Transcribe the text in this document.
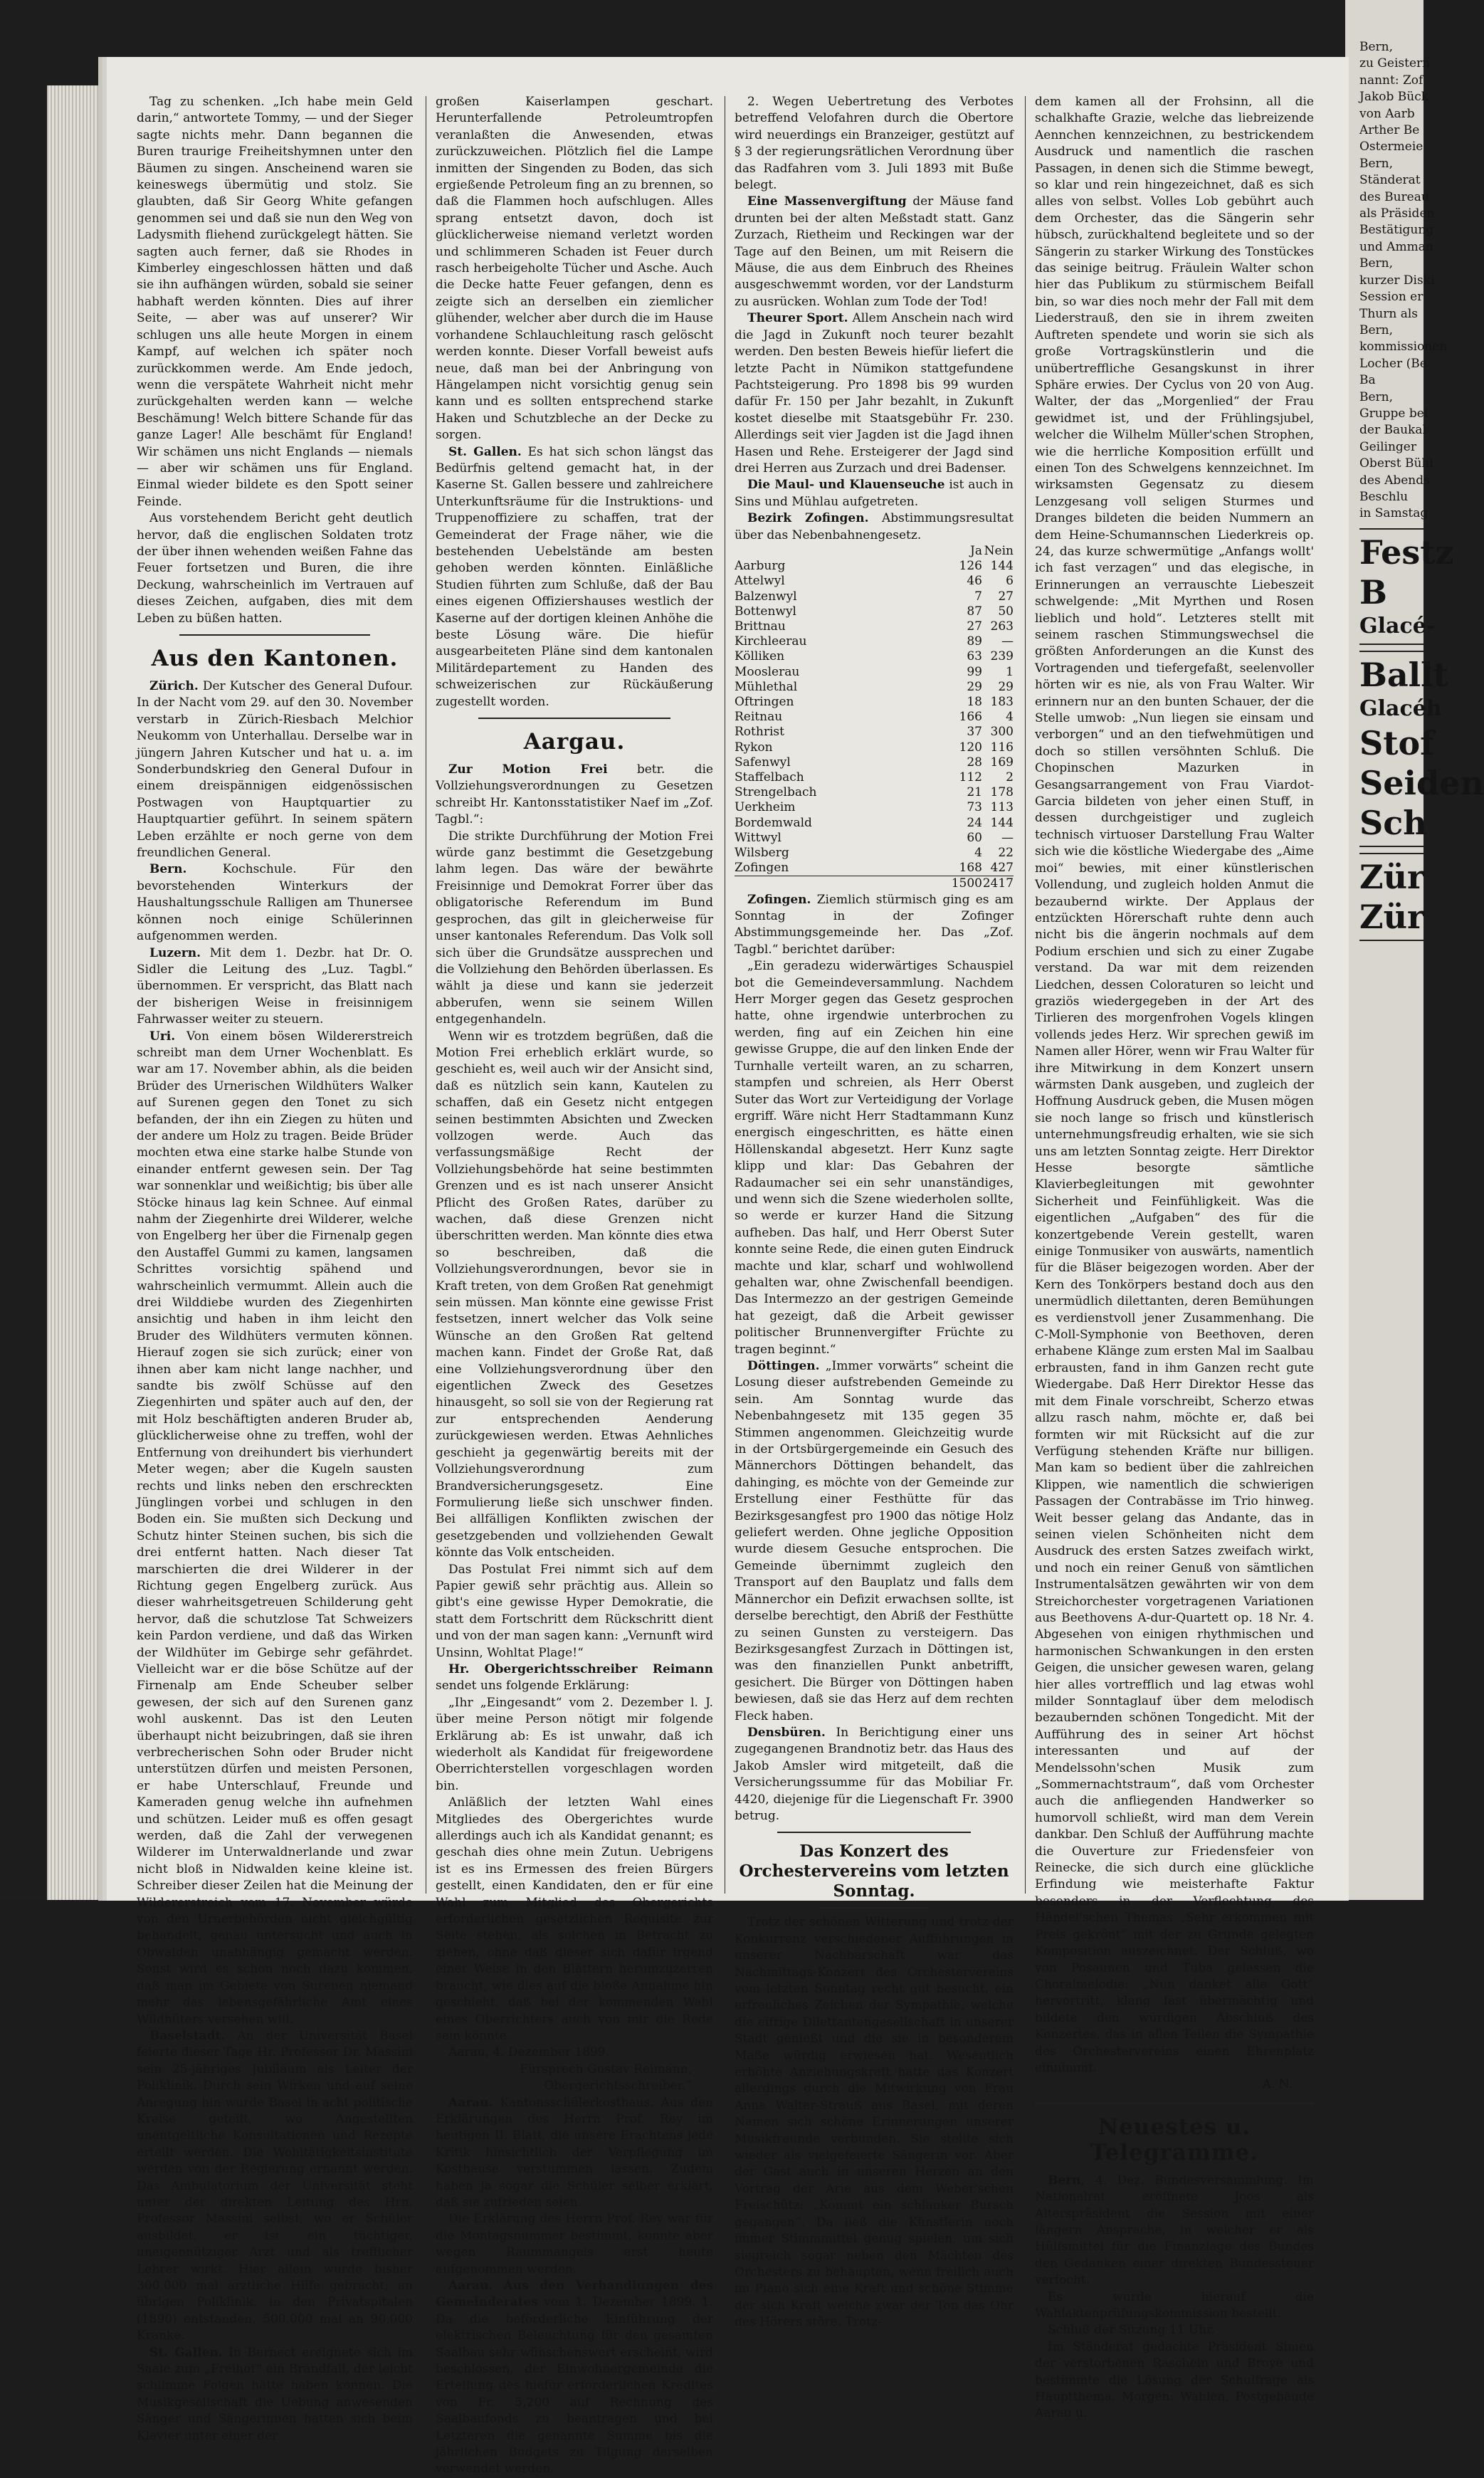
Tag zu schenken. „Ich habe mein Geld darin,“ antwortete Tommy, — und der Sieger sagte nichts mehr. Dann begannen die Buren traurige Freiheitshymnen unter den Bäumen zu singen. Anscheinend waren sie keineswegs übermütig und stolz. Sie glaubten, daß Sir Georg White gefangen genommen sei und daß sie nun den Weg von Ladysmith fliehend zurückgelegt hätten. Sie sagten auch ferner, daß sie Rhodes in Kimberley eingeschlossen hätten und daß sie ihn aufhängen würden, sobald sie seiner habhaft werden könnten. Dies auf ihrer Seite, — aber was auf unserer? Wir schlugen uns alle heute Morgen in einem Kampf, auf welchen ich später noch zurückkommen werde. Am Ende jedoch, wenn die verspätete Wahrheit nicht mehr zurückgehalten werden kann — welche Beschämung! Welch bittere Schande für das ganze Lager! Alle beschämt für England! Wir schämen uns nicht Englands — niemals — aber wir schämen uns für England. Einmal wieder bildete es den Spott seiner Feinde.

Aus vorstehendem Bericht geht deutlich hervor, daß die englischen Soldaten trotz der über ihnen wehenden weißen Fahne das Feuer fortsetzen und Buren, die ihre Deckung, wahrscheinlich im Vertrauen auf dieses Zeichen, aufgaben, dies mit dem Leben zu büßen hatten.

Aus den Kantonen.

Zürich. Der Kutscher des General Dufour. In der Nacht vom 29. auf den 30. November verstarb in Zürich-Riesbach Melchior Neukomm von Unterhallau. Derselbe war in jüngern Jahren Kutscher und hat u. a. im Sonderbundskrieg den General Dufour in einem dreispännigen eidgenössischen Postwagen von Hauptquartier zu Hauptquartier geführt. In seinem spätern Leben erzählte er noch gerne von dem freundlichen General.

Bern.	Kochschule. Für den bevorstehenden Winterkurs der Haushaltungsschule Ralligen am Thunersee können noch einige Schülerinnen aufgenommen werden.

Luzern. Mit dem 1. Dezbr. hat Dr. O. Sidler die Leitung des „Luz. Tagbl.“ übernommen. Er verspricht, das Blatt nach der bisherigen Weise in freisinnigem Fahrwasser weiter zu steuern.

Uri. Von einem bösen Wildererstreich schreibt man dem Urner Wochenblatt. Es war am 17. November abhin, als die beiden Brüder des Urnerischen Wildhüters Walker auf Surenen gegen den Tonet zu sich befanden, der ihn ein Ziegen zu hüten und der andere um Holz zu tragen. Beide Brüder mochten etwa eine starke halbe Stunde von einander entfernt gewesen sein. Der Tag war sonnenklar und weißichtig; bis über alle Stöcke hinaus lag kein Schnee. Auf einmal nahm der Ziegenhirte drei Wilderer, welche von Engelberg her über die Firnenalp gegen den Austaffel Gummi zu kamen, langsamen Schrittes vorsichtig spähend und wahrscheinlich vermummt. Allein auch die drei Wilddiebe wurden des Ziegenhirten ansichtig und haben in ihm leicht den Bruder des Wildhüters vermuten können. Hierauf zogen sie sich zurück; einer von ihnen aber kam nicht lange nachher, und sandte bis zwölf Schüsse auf den Ziegenhirten und später auch auf den, der mit Holz beschäftigten anderen Bruder ab, glücklicherweise ohne zu treffen, wohl der Entfernung von dreihundert bis vierhundert Meter wegen; aber die Kugeln sausten rechts und links neben den erschreckten Jünglingen vorbei und schlugen in den Boden ein. Sie mußten sich Deckung und Schutz hinter Steinen suchen, bis sich die drei entfernt hatten. Nach dieser Tat marschierten die drei Wilderer in der Richtung gegen Engelberg zurück. Aus dieser wahrheitsgetreuen Schilderung geht hervor, daß die schutzlose Tat Schweizers kein Pardon verdiene, und daß das Wirken der Wildhüter im Gebirge sehr gefährdet. Vielleicht war er die böse Schütze auf der Firnenalp am Ende Scheuber selber gewesen, der sich auf den Surenen ganz wohl auskennt. Das ist den Leuten überhaupt nicht beizubringen, daß sie ihren verbrecherischen Sohn oder Bruder nicht unterstützen dürfen und meisten Personen, er habe Unterschlauf, Freunde und Kameraden genug welche ihn aufnehmen und schützen. Leider muß es offen gesagt werden, daß die Zahl der verwegenen Wilderer im Unterwaldnerlande und zwar nicht bloß in Nidwalden keine kleine ist. Schreiber dieser Zeilen hat die Meinung der Wildererstreich vom 17. November würde von den Urnerbehörden nicht gleichgültig behandelt, genau untersucht und auch in Obwalden unabhängig gemacht werden. Sonst wird es schon noch dazu kommen, daß man im Gebiete von Surenen niemand mehr das lebensgefährliche Amt eines Wildhüters versehen will.

Baselstadt. An der Universität Basel feierte dieser Tage Hr. Professor Dr. Massini sein 25-jähriges Jubiläum als Leiter der Poliklinik. Durch sein Wirken und auf seine Anregung hin wurde Basel in acht politische Kreise geteilt, wo Angestellten unentgeltliche Konsultationen und Rezepte erteilt werden. Die Wohltätigkeitsinstitute werden von der Regierung ernannt werden. Das Ambulatorium der Universität steht unter der direkten Leitung des Hrn. Professor Massini selbst, wo er Schüler ausbildet, er ist ein tüchtiger, uneigennütziger Arzt und als trefflicher Lehrer wirkt. Hier allein wurde bisher 300,000 mal ärztliche Hilfe gebracht; an übrigen Poliklinik, in den Privatspitalen (1890) entstanden, 500,000 mal an 90,000 Kranke.

St. Gallen. In Bernect ereignete sich im Saale zum „Freihof“ ein Brandfall, der leicht schlimme Folgen hätte haben können. Die Musikgesellschaft die Uebung anwesenden Sänger und Sängerinnen hatten sich beim Klavier unter einer der

großen Kaiserlampen geschart. Herunterfallende Petroleumtropfen veranlaßten die Anwesenden, etwas zurückzuweichen. Plötzlich fiel die Lampe inmitten der Singenden zu Boden, das sich ergießende Petroleum fing an zu brennen, so daß die Flammen hoch aufschlugen. Alles sprang entsetzt davon, doch ist glücklicherweise niemand verletzt worden und schlimmeren Schaden ist Feuer durch rasch herbeigeholte Tücher und Asche. Auch die Decke hatte Feuer gefangen, denn es zeigte sich an derselben ein ziemlicher glühender, welcher aber durch die im Hause vorhandene Schlauchleitung rasch gelöscht werden konnte. Dieser Vorfall beweist aufs neue, daß man bei der Anbringung von Hängelampen nicht vorsichtig genug sein kann und es sollten entsprechend starke Haken und Schutzbleche an der Decke zu sorgen.

St. Gallen. Es hat sich schon längst das Bedürfnis geltend gemacht hat, in der Kaserne St. Gallen bessere und zahlreichere Unterkunftsräume für die Instruktions- und Truppenoffiziere zu schaffen, trat der Gemeinderat der Frage näher, wie die bestehenden Uebelstände am besten gehoben werden könnten. Einläßliche Studien führten zum Schluße, daß der Bau eines eigenen Offiziershauses westlich der Kaserne auf der dortigen kleinen Anhöhe die beste Lösung wäre. Die hiefür ausgearbeiteten Pläne sind dem kantonalen Militärdepartement zu Handen des schweizerischen zur Rückäußerung zugestellt worden.

Aargau.

Zur Motion Frei betr. die Vollziehungsverordnungen zu Gesetzen schreibt Hr. Kantonsstatistiker Naef im „Zof. Tagbl.“:

Die strikte Durchführung der Motion Frei würde ganz bestimmt die Gesetzgebung lahm legen. Das wäre der bewährte Freisinnige und Demokrat Forrer über das obligatorische Referendum im Bund gesprochen, das gilt in gleicherweise für unser kantonales Referendum. Das Volk soll sich über die Grundsätze aussprechen und die Vollziehung den Behörden überlassen. Es wählt ja diese und kann sie jederzeit abberufen, wenn sie seinem Willen entgegenhandeln.

Wenn wir es trotzdem begrüßen, daß die Motion Frei erheblich erklärt wurde, so geschieht es, weil auch wir der Ansicht sind, daß es nützlich sein kann, Kautelen zu schaffen, daß ein Gesetz nicht entgegen seinen bestimmten Absichten und Zwecken vollzogen werde. Auch das verfassungsmäßige Recht der Vollziehungsbehörde hat seine bestimmten Grenzen und es ist nach unserer Ansicht Pflicht des Großen Rates, darüber zu wachen, daß diese Grenzen nicht überschritten werden. Man könnte dies etwa so beschreiben, daß die Vollziehungsverordnungen, bevor sie in Kraft treten, von dem Großen Rat genehmigt sein müssen. Man könnte eine gewisse Frist festsetzen, innert welcher das Volk seine Wünsche an den Großen Rat geltend machen kann. Findet der Große Rat, daß eine Vollziehungsverordnung über den eigentlichen Zweck des Gesetzes hinausgeht, so soll sie von der Regierung rat zur entsprechenden Aenderung zurückgewiesen werden. Etwas Aehnliches geschieht ja gegenwärtig bereits mit der Vollziehungsverordnung zum Brandversicherungsgesetz. Eine Formulierung ließe sich unschwer finden. Bei allfälligen Konflikten zwischen der gesetzgebenden und vollziehenden Gewalt könnte das Volk entscheiden.

Das Postulat Frei nimmt sich auf dem Papier gewiß sehr prächtig aus. Allein so gibt's eine gewisse Hyper Demokratie, die statt dem Fortschritt dem Rückschritt dient und von der man sagen kann: „Vernunft wird Unsinn, Wohltat Plage!“

Hr. Obergerichtsschreiber Reimann sendet uns folgende Erklärung:

„Ihr „Eingesandt“ vom 2. Dezember l. J. über meine Person nötigt mir folgende Erklärung ab: Es ist unwahr, daß ich wiederholt als Kandidat für freigewordene Oberrichterstellen vorgeschlagen worden bin.

Anläßlich der letzten Wahl eines Mitgliedes des Obergerichtes wurde allerdings auch ich als Kandidat genannt; es geschah dies ohne mein Zutun. Uebrigens ist es ins Ermessen des freien Bürgers gestellt, einen Kandidaten, den er für eine Wahl zum Mitglied des Obergerichts erforderlichen gesetzlichen Requisite zur Seite stehen, als solchen in Betracht zu ziehen, ohne daß dieser sich dafür irgend einer Weise in den Blättern herumzuzerren braucht, wie dies auf die bloße Annahme hin geschieht, daß bei der kommenden Wahl eines Oberrichters auch von mir die Rede sein könnte.

Aarau, 4. Dezember 1899.

Fürsprech Gustav Reimann, Obergerichtsschreiber.“

Aarau. Kantonsschülerkosthaus. Aus den Erklärungen des Herrn Prof. Rey im heutigen II. Blatt, die unsere Erachtens jede Kritik hinsichtlich der Verpflegung im Kosthause verstummen lassen. Zudem haben ja sogar die Schüler selber erklärt, daß sie zufrieden seien.

Die Erklärung des Herrn Prof. Rey war für die Montagsnummer bestimmt, konnte aber wegen Raummangels erst heute aufgenommen werden.

Aarau. Aus den Verhandlungen des Gemeinderates vom 1. Dezember 1899. 1. Da die beförderliche Einführung der elektrischen Beleuchtung für den gesamten Saalbau sehr wünschenswert erscheint, wird beschlossen, der Einwohnergemeinde die Erteilung des hiefür erforderlichen Kredites von Fr. 5,200 auf Rechnung des Saalbaufonds zu beantragen und bei Letzteren die genannte Summe bis die jährlichen Budgets zu Tilgung derselben verwendet werden.

2. Wegen Uebertretung des Verbotes betreffend Velofahren durch die Obertore wird neuerdings ein Branzeiger, gestützt auf § 3 der regierungsrätlichen Verordnung über das Radfahren vom 3. Juli 1893 mit Buße belegt.

Eine Massenvergiftung der Mäuse fand drunten bei der alten Meßstadt statt. Ganz Zurzach, Rietheim und Reckingen war der Tage auf den Beinen, um mit Reisern die Mäuse, die aus dem Einbruch des Rheines ausgeschwemmt worden, vor der Landsturm zu ausrücken. Wohlan zum Tode der Tod!

Theurer Sport. Allem Anschein nach wird die Jagd in Zukunft noch teurer bezahlt werden. Den besten Beweis hiefür liefert die letzte Pacht in Nümikon stattgefundene Pachtsteigerung. Pro 1898 bis 99 wurden dafür Fr. 150 per Jahr bezahlt, in Zukunft kostet dieselbe mit Staatsgebühr Fr. 230. Allerdings seit vier Jagden ist die Jagd ihnen Hasen und Rehe. Ersteigerer der Jagd sind drei Herren aus Zurzach und drei Badenser.

Die Maul- und Klauenseuche ist auch in Sins und Mühlau aufgetreten.

Bezirk Zofingen. Abstimmungsresultat über das Nebenbahnengesetz.

	Ja	Nein
Aarburg	126	144
Attelwyl	46	6
Balzenwyl	7	27
Bottenwyl	87	50
Brittnau	27	263
Kirchleerau	89	—
Kölliken	63	239
Mooslerau	99	1
Mühlethal	29	29
Oftringen	18	183
Reitnau	166	4
Rothrist	37	300
Rykon	120	116
Safenwyl	28	169
Staffelbach	112	2
Strengelbach	21	178
Uerkheim	73	113
Bordemwald	24	144
Wittwyl	60	—
Wilsberg	4	22
Zofingen	168	427
	1500	2417

Zofingen. Ziemlich stürmisch ging es am Sonntag in der Zofinger Abstimmungsgemeinde her. Das „Zof. Tagbl.“ berichtet darüber:

„Ein geradezu widerwärtiges Schauspiel bot die Gemeindeversammlung. Nachdem Herr Morger gegen das Gesetz gesprochen hatte, ohne irgendwie unterbrochen zu werden, fing auf ein Zeichen hin eine gewisse Gruppe, die auf den linken Ende der Turnhalle verteilt waren, an zu scharren, stampfen und schreien, als Herr Oberst Suter das Wort zur Verteidigung der Vorlage ergriff. Wäre nicht Herr Stadtammann Kunz energisch eingeschritten, es hätte einen Höllenskandal abgesetzt. Herr Kunz sagte klipp und klar: Das Gebahren der Radaumacher sei ein sehr unanständiges, und wenn sich die Szene wiederholen sollte, so werde er kurzer Hand die Sitzung aufheben. Das half, und Herr Oberst Suter konnte seine Rede, die einen guten Eindruck machte und klar, scharf und wohlwollend gehalten war, ohne Zwischenfall beendigen. Das Intermezzo an der gestrigen Gemeinde hat gezeigt, daß die Arbeit gewisser politischer Brunnenvergifter Früchte zu tragen beginnt.“

Döttingen. „Immer vorwärts“ scheint die Losung dieser aufstrebenden Gemeinde zu sein. Am Sonntag wurde das Nebenbahngesetz mit 135 gegen 35 Stimmen angenommen. Gleichzeitig wurde in der Ortsbürgergemeinde ein Gesuch des Männerchors Döttingen behandelt, das dahinging, es möchte von der Gemeinde zur Erstellung einer Festhütte für das Bezirksgesangfest pro 1900 das nötige Holz geliefert werden. Ohne jegliche Opposition wurde diesem Gesuche entsprochen. Die Gemeinde übernimmt zugleich den Transport auf den Bauplatz und falls dem Männerchor ein Defizit erwachsen sollte, ist derselbe berechtigt, den Abriß der Festhütte zu seinen Gunsten zu versteigern. Das Bezirksgesangfest Zurzach in Döttingen ist, was den finanziellen Punkt anbetrifft, gesichert. Die Bürger von Döttingen haben bewiesen, daß sie das Herz auf dem rechten Fleck haben.

Densbüren. In Berichtigung einer uns zugegangenen Brandnotiz betr. das Haus des Jakob Amsler wird mitgeteilt, daß die Versicherungssumme für das Mobiliar Fr. 4420, diejenige für die Liegenschaft Fr. 3900 betrug.

Das Konzert des Orchestervereins vom letzten Sonntag.

Trotz der schönen Witterung und trotz der Konkurrenz verschiedener Aufführungen in unserer Nachbarschaft war das Nachmittags-Konzert des Orchestervereins vom letzten Sonntag recht gut besucht, ein erfreuliches Zeichen der Sympathie, welche die eifrige Dilettantengesellschaft in unserer Stadt genießt und die sie in besonderem Maße würdig erwiesen hat. Wesentlich erhöhte Anziehungskraft hatte das Konzert allerdings durch die Mitwirkung von Frau Anna Walter-Strauß aus Basel, mit deren Namen sich schöne Erinnerungen unserer Musikfreunde verbunden. Sie stellte sich wieder als vielgefeierte Sängerin vor. Aber der Gast auch in unseren Herzen an den Vortrag der Arie aus dem Weber'schen Freischütz: „Kommt ein schlanker Bursch gegangen“. Da ließ die Künstlerin noch immer Stimmmittel genug spielen, um sich siegreich sogar neben den Mächten des Orchesters zu behaupten, wenn freilich auch im Piano sich eine Kraft und schöne Stimme der sich Kraft welche zwar der Ton das Ohr des Hörers störe. Trotz-

dem kamen all der Frohsinn, all die schalkhafte Grazie, welche das liebreizende Aennchen kennzeichnen, zu bestrickendem Ausdruck und namentlich die raschen Passagen, in denen sich die Stimme bewegt, so klar und rein hingezeichnet, daß es sich alles von selbst. Volles Lob gebührt auch dem Orchester, das die Sängerin sehr hübsch, zurückhaltend begleitete und so der Sängerin zu starker Wirkung des Tonstückes das seinige beitrug. Fräulein Walter schon hier das Publikum zu stürmischem Beifall bin, so war dies noch mehr der Fall mit dem Liederstrauß, den sie in ihrem zweiten Auftreten spendete und worin sie sich als große Vortragskünstlerin und die unübertreffliche Gesangskunst in ihrer Sphäre erwies. Der Cyclus von 20 von Aug. Walter, der das „Morgenlied“ der Frau gewidmet ist, und der Frühlingsjubel, welcher die Wilhelm Müller'schen Strophen, wie die herrliche Komposition erfüllt und einen Ton des Schwelgens kennzeichnet. Im wirksamsten Gegensatz zu diesem Lenzgesang voll seligen Sturmes und Dranges bildeten die beiden Nummern an dem Heine-Schumannschen Liederkreis op. 24, das kurze schwermütige „Anfangs wollt' ich fast verzagen“ und das elegische, in Erinnerungen an verrauschte Liebeszeit schwelgende: „Mit Myrthen und Rosen lieblich und hold“. Letzteres stellt mit seinem raschen Stimmungswechsel die größten Anforderungen an die Kunst des Vortragenden und tiefergefaßt, seelenvoller hörten wir es nie, als von Frau Walter. Wir erinnern nur an den bunten Schauer, der die Stelle umwob: „Nun liegen sie einsam und verborgen“ und an den tiefwehmütigen und doch so stillen versöhnten Schluß. Die Chopinschen Mazurken in Gesangsarrangement von Frau Viardot-Garcia bildeten von jeher einen Stuff, in dessen durchgeistiger und zugleich technisch virtuoser Darstellung Frau Walter sich wie die köstliche Wiedergabe des „Aime moi“ bewies, mit einer künstlerischen Vollendung, und zugleich holden Anmut die bezaubernd wirkte. Der Applaus der entzückten Hörerschaft ruhte denn auch nicht bis die ängerin nochmals auf dem Podium erschien und sich zu einer Zugabe verstand. Da war mit dem reizenden Liedchen, dessen Coloraturen so leicht und graziös wiedergegeben in der Art des Tirlieren des morgenfrohen Vogels klingen vollends jedes Herz. Wir sprechen gewiß im Namen aller Hörer, wenn wir Frau Walter für ihre Mitwirkung in dem Konzert unsern wärmsten Dank ausgeben, und zugleich der Hoffnung Ausdruck geben, die Musen mögen sie noch lange so frisch und künstlerisch unternehmungsfreudig erhalten, wie sie sich uns am letzten Sonntag zeigte. Herr Direktor Hesse besorgte sämtliche Klavierbegleitungen mit gewohnter Sicherheit und Feinfühligkeit. Was die eigentlichen „Aufgaben“ des für die konzertgebende Verein gestellt, waren einige Tonmusiker von auswärts, namentlich für die Bläser beigezogen worden. Aber der Kern des Tonkörpers bestand doch aus den unermüdlich dilettanten, deren Bemühungen es verdienstvoll jener Zusammenhang. Die C-Moll-Symphonie von Beethoven, deren erhabene Klänge zum ersten Mal im Saalbau erbrausten, fand in ihm Ganzen recht gute Wiedergabe. Daß Herr Direktor Hesse das mit dem Finale vorschreibt, Scherzo etwas allzu rasch nahm, möchte er, daß bei formten wir mit Rücksicht auf die zur Verfügung stehenden Kräfte nur billigen. Man kam so bedient über die zahlreichen Klippen, wie namentlich die schwierigen Passagen der Contrabässe im Trio hinweg. Weit besser gelang das Andante, das in seinen vielen Schönheiten nicht dem Ausdruck des ersten Satzes zweifach wirkt, und noch ein reiner Genuß von sämtlichen Instrumentalsätzen gewährten wir von dem Streichorchester vorgetragenen Variationen aus Beethovens A-dur-Quartett op. 18 Nr. 4. Abgesehen von einigen rhythmischen und harmonischen Schwankungen in den ersten Geigen, die unsicher gewesen waren, gelang hier alles vortrefflich und lag etwas wohl milder Sonntaglauf über dem melodisch bezaubernden schönen Tongedicht. Mit der Aufführung des in seiner Art höchst interessanten und auf der Mendelssohn'schen Musik zum „Sommernachtstraum“, daß vom Orchester auch die anfliegenden Handwerker so humorvoll schließt, wird man dem Verein dankbar. Den Schluß der Aufführung machte die Ouverture zur Friedensfeier von Reinecke, die sich durch eine glückliche Erfindung wie meisterhafte Faktur besonders in der Verflechtung des Händel'schen Themas „Sehr erkommen mit Preis gekrönt“ mit der zu Grunde gelegten Komposition auszeichnet. Der Schluß, wo von Posaunen und Tuba gelassen die Choralmelodie: „Nun danket alle Gott“ hervortritt, klang fast übermächtig und bildete den würdigen Abschluß des Konzertes, das in allen Teilen die Sympathie des Orchestervereins einen Ehrenplatz einnimmt.

A. N.

Neuestes u. Telegramme.

Bern, 4. Dez. Bundesversammlung. Im Nationalrat eröffnete Joos als Alterspräsident die Session mit einer längern Ansprache, in welcher er als Hülfsmittel für die Finanzlage des Bundes den Gedanken einer direkten Bundessteuer verfocht.

Es wurde hierauf die Wahlaktenprüfungskommission bestellt.

Schluß der Sitzung 11 Uhr.

Im Ständerat gedachte Präsident Simen der verstorbenen Raschein und Broye und bestimmte die Lösung der Schulfrage als Hauptthema. Morgen: Wahlen, Postgebäude Aarau u.

Bern,
zu Geistern
nannt: Zof
Jakob Bück
von Aarb
Arther Be
Ostermeie
Bern,
Ständerat
des Bureau
als Präsiden
Bestätigung
und Amman
Bern,
kurzer Diski
Session er
Thurn als
Bern,
kommissionen
Locher (Be
Ba
Bern,
Gruppe bei
der Baukal
Geilinger
Oberst Bühl
des Abends
Beschlu
in Samstag
Festz
B
Glacé-
Ballt
Glacéh
Stof
Seiden
Sch
Zür
Zür
